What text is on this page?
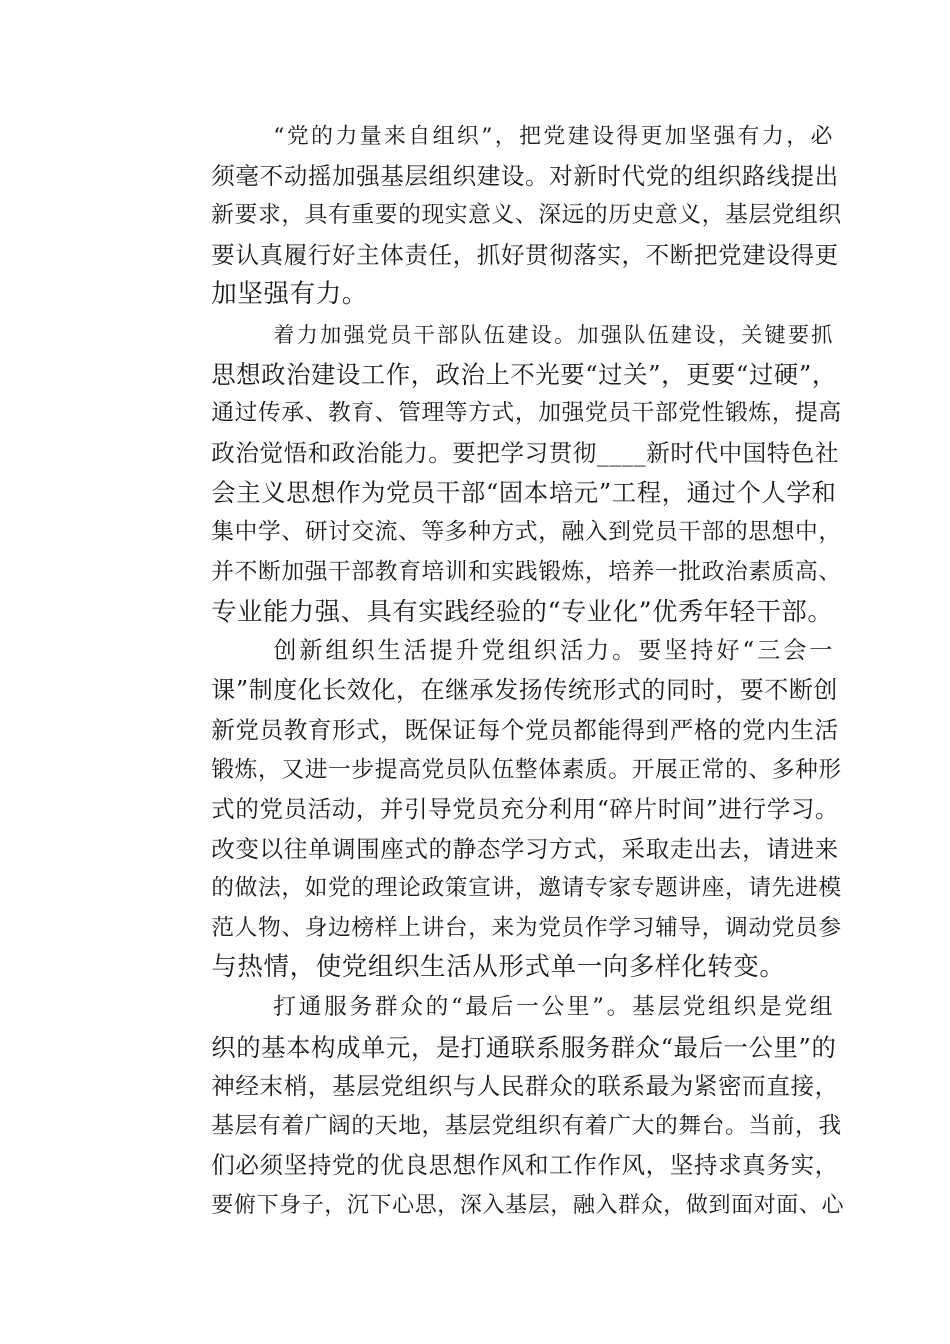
“党的力量来自组织”，把党建设得更加坚强有力，必
须毫不动摇加强基层组织建设。对新时代党的组织路线提出
新要求，具有重要的现实意义、深远的历史意义，基层党组织
要认真履行好主体责任，抓好贯彻落实，不断把党建设得更
加坚强有力。
着力加强党员干部队伍建设。加强队伍建设，关键要抓
思想政治建设工作，政治上不光要“过关”，更要“过硬”，
通过传承、教育、管理等方式，加强党员干部党性锻炼，提高
政治觉悟和政治能力。要把学习贯彻____新时代中国特色社
会主义思想作为党员干部“固本培元”工程，通过个人学和
集中学、研讨交流、等多种方式，融入到党员干部的思想中，
并不断加强干部教育培训和实践锻炼，培养一批政治素质高、
专业能力强、具有实践经验的“专业化”优秀年轻干部。
创新组织生活提升党组织活力。要坚持好“三会一
课”制度化长效化，在继承发扬传统形式的同时，要不断创
新党员教育形式，既保证每个党员都能得到严格的党内生活
锻炼，又进一步提高党员队伍整体素质。开展正常的、多种形
式的党员活动，并引导党员充分利用“碎片时间”进行学习。
改变以往单调围座式的静态学习方式，采取走出去，请进来
的做法，如党的理论政策宣讲，邀请专家专题讲座，请先进模
范人物、身边榜样上讲台，来为党员作学习辅导，调动党员参
与热情，使党组织生活从形式单一向多样化转变。
打通服务群众的“最后一公里”。基层党组织是党组
织的基本构成单元，是打通联系服务群众“最后一公里”的
神经末梢，基层党组织与人民群众的联系最为紧密而直接，
基层有着广阔的天地，基层党组织有着广大的舞台。当前，我
们必须坚持党的优良思想作风和工作作风，坚持求真务实，
要俯下身子，沉下心思，深入基层，融入群众，做到面对面、心
